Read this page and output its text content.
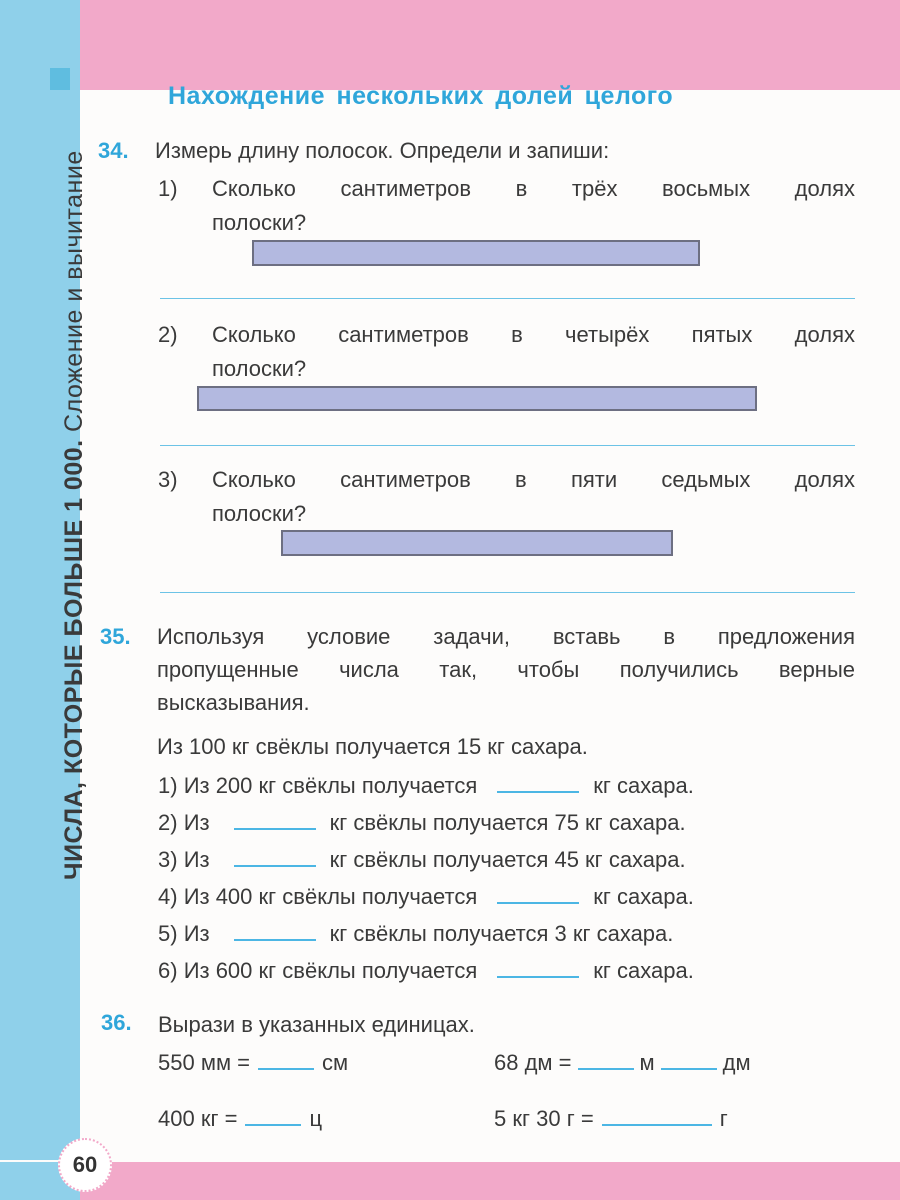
ЧИСЛА, КОТОРЫЕ БОЛЬШЕ 1 000. Сложение и вычитание
Нахождение нескольких долей целого
34. Измерь длину полосок. Определи и запиши:
1) Сколько сантиметров в трёх восьмых долях
полоски?
2) Сколько сантиметров в четырёх пятых долях
полоски?
3) Сколько сантиметров в пяти седьмых долях
полоски?
35. Используя условие задачи, вставь в предложения
пропущенные числа так, чтобы получились верные
высказывания.
Из 100 кг свёклы получается 15 кг сахара.
1) Из 200 кг свёклы получается	кг сахара.
2) Из	кг свёклы получается 75 кг сахара.
3) Из	кг свёклы получается 45 кг сахара.
4) Из 400 кг свёклы получается	кг сахара.
5) Из	кг свёклы получается 3 кг сахара.
6) Из 600 кг свёклы получается	кг сахара.
36. Вырази в указанных единицах.
550 мм =	см	68 дм =	м	дм
400 кг =	ц	5 кг 30 г =	г
60
